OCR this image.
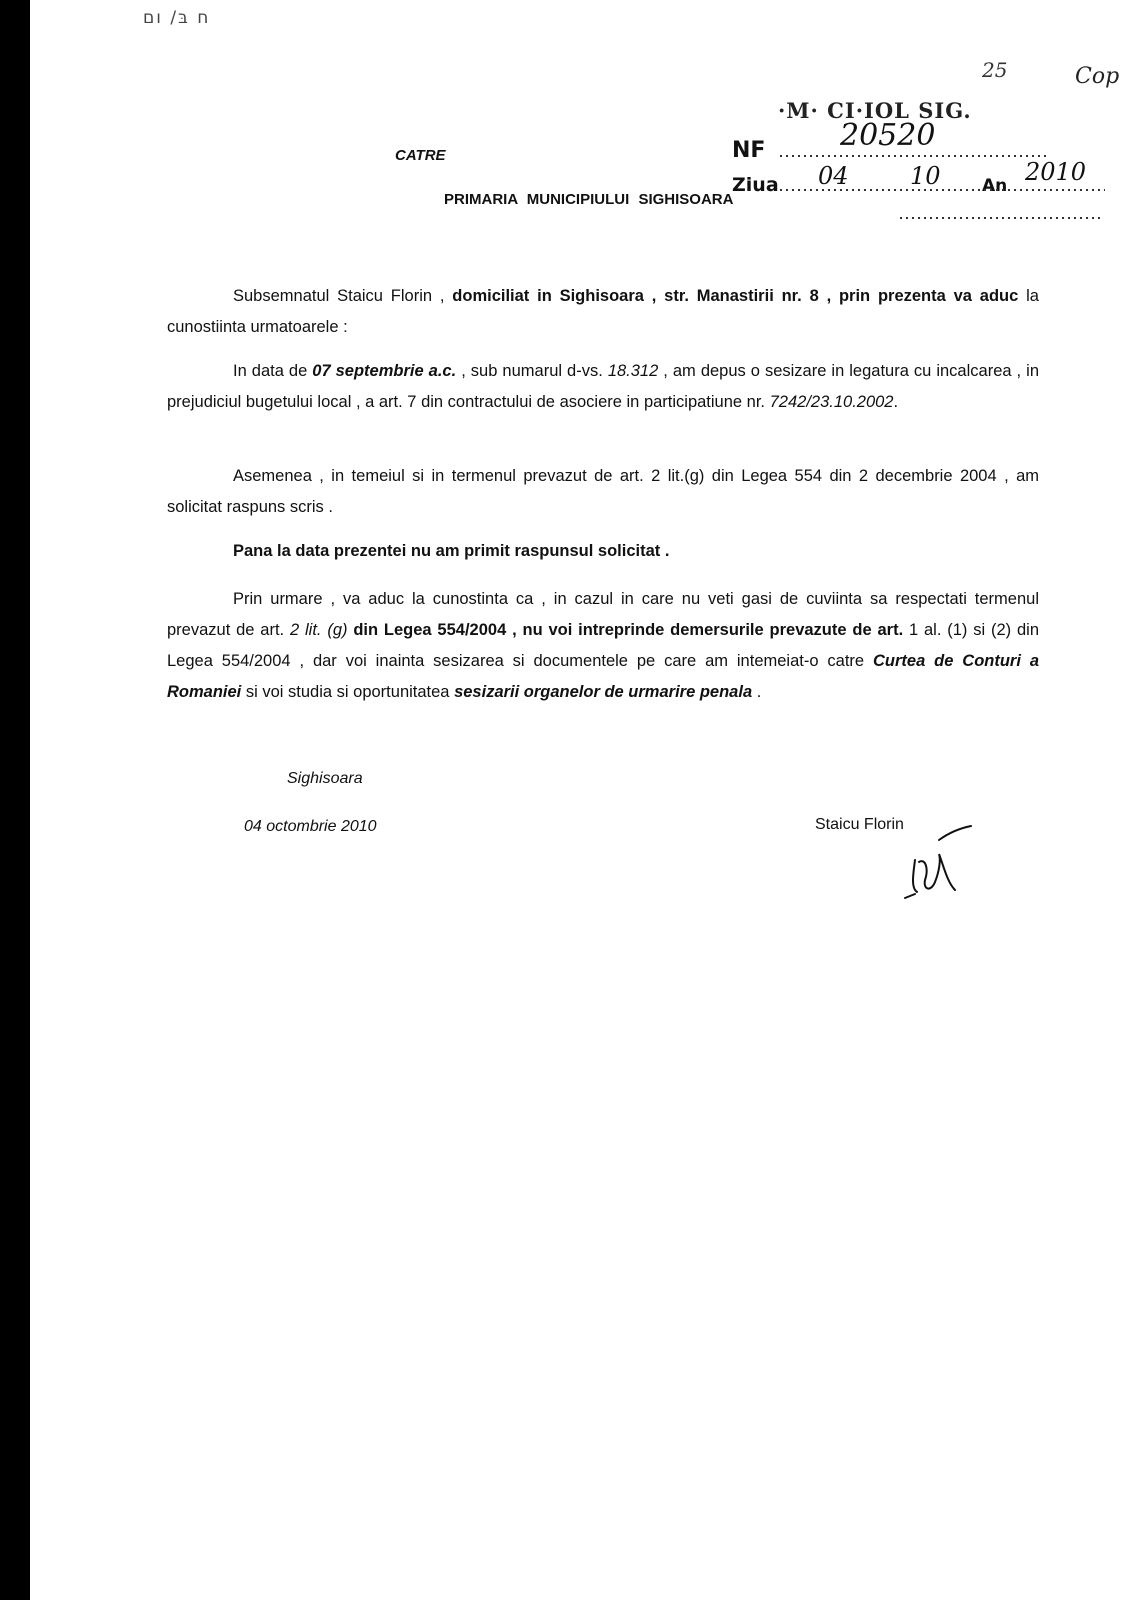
ח בּ/ ום
25	Cop
·M· CI·IOL SIG.
NF 20520
Ziua 04	10 An 2010
CATRE
PRIMARIA MUNICIPIULUI SIGHISOARA
Subsemnatul Staicu Florin , domiciliat in Sighisoara , str. Manastirii nr. 8 , prin prezenta va aduc la cunostiinta urmatoarele :
In data de 07 septembrie a.c. , sub numarul d-vs. 18.312 , am depus o sesizare in legatura cu incalcarea , in prejudiciul bugetului local , a art. 7 din contractului de asociere in participatiune nr. 7242/23.10.2002.
Asemenea , in temeiul si in termenul prevazut de art. 2 lit.(g) din Legea 554 din 2 decembrie 2004 , am solicitat raspuns scris .
Pana la data prezentei nu am primit raspunsul solicitat .
Prin urmare , va aduc la cunostinta ca , in cazul in care nu veti gasi de cuviinta sa respectati termenul prevazut de art. 2 lit. (g) din Legea 554/2004 , nu voi intreprinde demersurile prevazute de art. 1 al. (1) si (2) din Legea 554/2004 , dar voi inainta sesizarea si documentele pe care am intemeiat-o catre Curtea de Conturi a Romaniei si voi studia si oportunitatea sesizarii organelor de urmarire penala .
Sighisoara
04 octombrie 2010	Staicu Florin
